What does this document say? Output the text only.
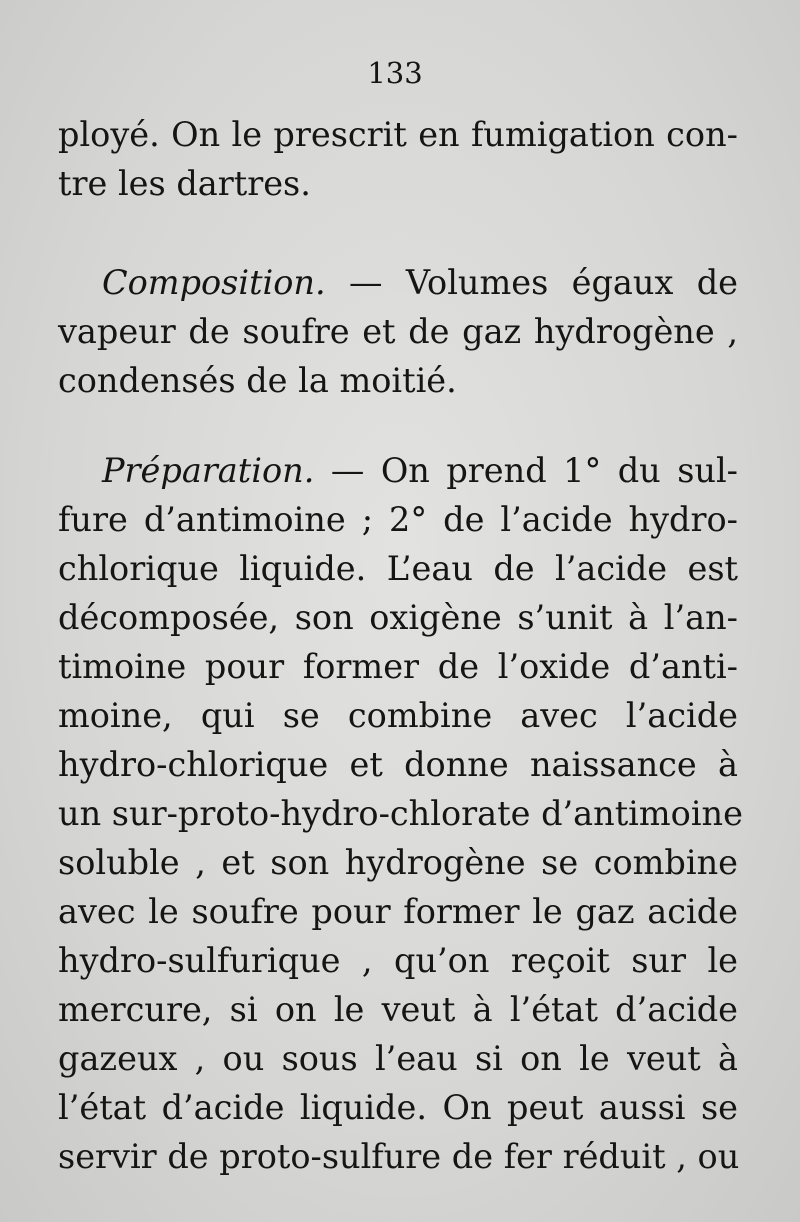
133
ployé. On le prescrit en fumigation con-
tre les dartres.
Composition. — Volumes égaux de
vapeur de soufre et de gaz hydrogène ,
condensés de la moitié.
Préparation. — On prend 1° du sul-
fure d’antimoine ; 2° de l’acide hydro-
chlorique liquide. L’eau de l’acide est
décomposée, son oxigène s’unit à l’an-
timoine pour former de l’oxide d’anti-
moine, qui se combine avec l’acide
hydro-chlorique et donne naissance à
un sur-proto-hydro-chlorate d’antimoine
soluble , et son hydrogène se combine
avec le soufre pour former le gaz acide
hydro-sulfurique , qu’on reçoit sur le
mercure, si on le veut à l’état d’acide
gazeux , ou sous l’eau si on le veut à
l’état d’acide liquide. On peut aussi se
servir de proto-sulfure de fer réduit , ou
